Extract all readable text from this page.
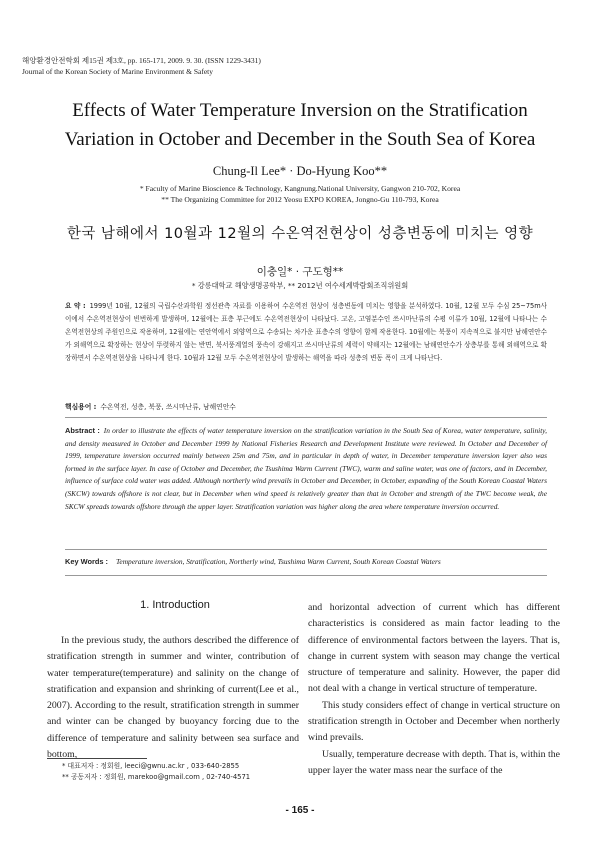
해양환경안전학회 제15권 제3호, pp. 165-171, 2009. 9. 30. (ISSN 1229-3431)
Journal of the Korean Society of Marine Environment & Safety
Effects of Water Temperature Inversion on the Stratification
Variation in October and December in the South Sea of Korea
Chung-Il Lee* · Do-Hyung Koo**
* Faculty of Marine Bioscience & Technology, Kangnung.National University, Gangwon 210-702, Korea
** The Organizing Committee for 2012 Yeosu EXPO KOREA, Jongno-Gu 110-793, Korea
한국 남해에서 10월과 12월의 수온역전현상이 성층변동에 미치는 영향
이충일* · 구도형**
* 강릉대학교 해양생명공학부, ** 2012년 여수세계박람회조직위원회
요 약 : 1999년 10월, 12월의 국립수산과학원 정선관측 자료를 이용하여 수온역전 현상이 성층변동에 미치는 영향을 분석하였다. 10월, 12월 모두 수심 25~75m사이에서 수온역전현상이 빈번하게 발생하며, 12월에는 표층 부근에도 수온역전현상이 나타났다. 고온, 고염분수인 쓰시마난류의 수평 이류가 10월, 12월에 나타나는 수온역전현상의 주원인으로 작용하며, 12월에는 연안역에서 외양역으로 수송되는 차가운 표층수의 영향이 함께 작용한다. 10월에는 북풍이 지속적으로 불지만 남해연안수가 외해역으로 확장하는 현상이 뚜렷하지 않는 반면, 북서풍계열의 풍속이 강해지고 쓰시마난류의 세력이 약해지는 12월에는 남해연안수가 상층부를 통해 외해역으로 확장하면서 수온역전현상을 나타나게 한다. 10월과 12월 모두 수온역전현상이 발생하는 해역을 따라 성층의 변동 폭이 크게 나타난다.
핵심용어 : 수온역전, 성층, 북풍, 쓰시마난류, 남해연안수
Abstract : In order to illustrate the effects of water temperature inversion on the stratification variation in the South Sea of Korea, water temperature, salinity, and density measured in October and December 1999 by National Fisheries Research and Development Institute were reviewed. In October and December of 1999, temperature inversion occurred mainly between 25m and 75m, and in particular in depth of water, in December temperature inversion layer also was formed in the surface layer. In case of October and December, the Tsushima Warm Current (TWC), warm and saline water, was one of factors, and in December, influence of surface cold water was added. Although northerly wind prevails in October and December, in October, expanding of the South Korean Coastal Waters (SKCW) towards offshore is not clear, but in December when wind speed is relatively greater than that in October and strength of the TWC become weak, the SKCW spreads towards offshore through the upper layer. Stratification variation was higher along the area where temperature inversion occurred.
Key Words : Temperature inversion, Stratification, Northerly wind, Tsushima Warm Current, South Korean Coastal Waters
1. Introduction

In the previous study, the authors described the difference of stratification strength in summer and winter, contribution of water temperature(temperature) and salinity on the change of stratification and expansion and shrinking of current(Lee et al., 2007). According to the result, stratification strength in summer and winter can be changed by buoyancy forcing due to the difference of temperature and salinity between sea surface and bottom,

and horizontal advection of current which has different characteristics is considered as main factor leading to the difference of environmental factors between the layers. That is, change in current system with season may change the vertical structure of temperature and salinity. However, the paper did not deal with a change in vertical structure of temperature.

This study considers effect of change in vertical structure on stratification strength in October and December when northerly wind prevails.

Usually, temperature decrease with depth. That is, within the upper layer the water mass near the surface of the

* 대표저자 : 정회원, leeci@gwnu.ac.kr , 033-640-2855
** 공동저자 : 정회원, marekoo@gmail.com , 02-740-4571
- 165 -
